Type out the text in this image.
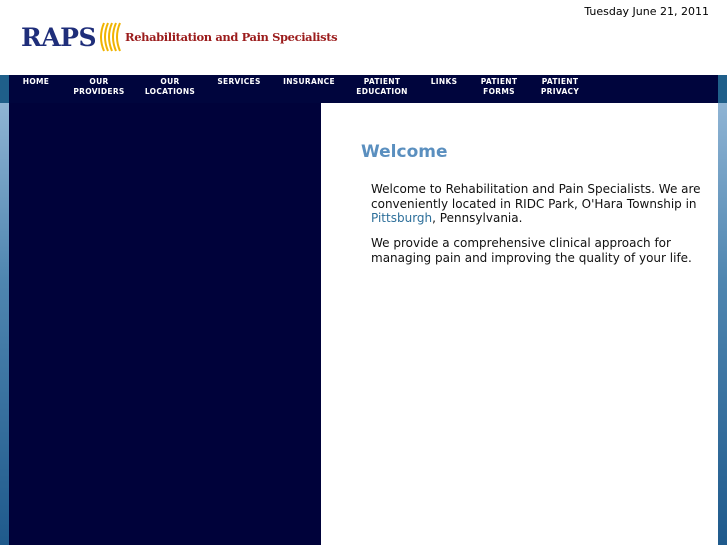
Tuesday June 21, 2011
RAPS	Rehabilitation and Pain Specialists
HOME	OUR
PROVIDERS
OUR
LOCATIONS
SERVICES	INSURANCE	PATIENT
EDUCATION
LINKS	PATIENT
FORMS
PATIENT
PRIVACY
Welcome

Welcome to Rehabilitation and Pain Specialists. We are conveniently located in RIDC Park, O'Hara Township in Pittsburgh, Pennsylvania.

We provide a comprehensive clinical approach for managing pain and improving the quality of your life.
